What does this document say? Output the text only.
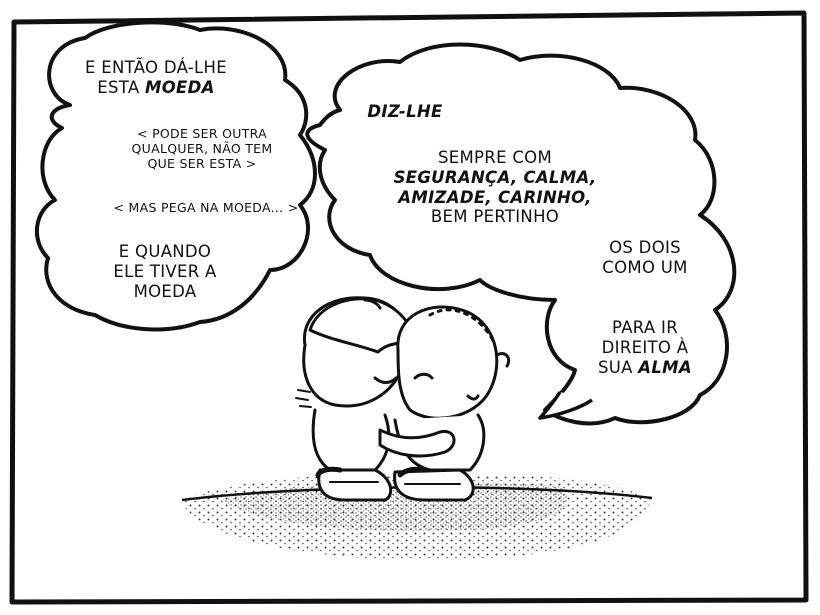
E ENTÃO DÁ-LHE
ESTA MOEDA
< PODE SER OUTRA
QUALQUER, NÃO TEM
QUE SER ESTA >
< MAS PEGA NA MOEDA... >
E QUANDO
ELE TIVER A
MOEDA
DIZ-LHE
SEMPRE COM
SEGURANÇA, CALMA,
AMIZADE, CARINHO,
BEM PERTINHO
OS DOIS
COMO UM
PARA IR
DIREITO À
SUA ALMA
